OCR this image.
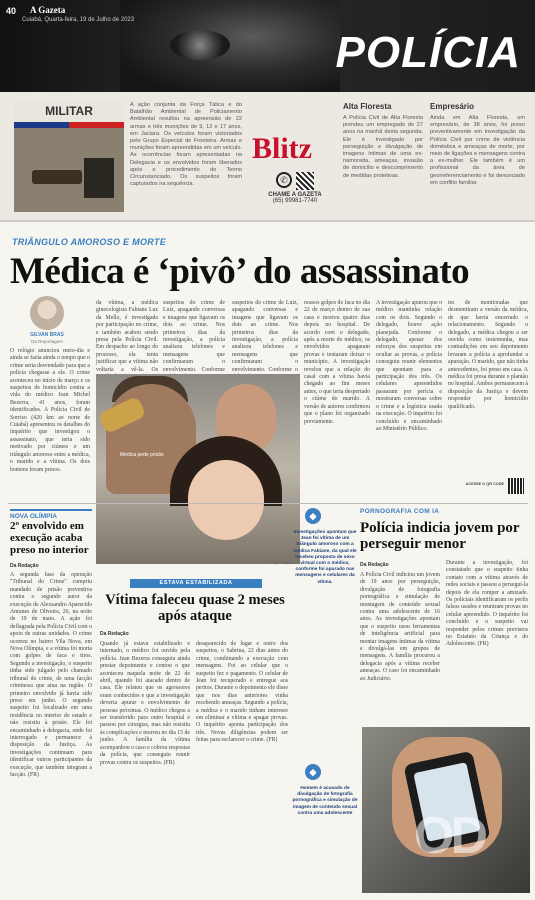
40 A Gazeta
Cuiabá, Quarta-feira, 19 de Julho de 2023
POLÍCIA
MILITAR	A ação conjunta da Força Tática e do Batalhão Ambiental de Policiamento Ambiental resultou na apreensão de 22 armas e três munições de 9, 12 e 17 anos, em Jaciara. Os veículos foram vistoriados pelo Grupo Especial de Fronteira. Armas e munições foram apreendidas em um veículo. As ocorrências foram apresentadas na Delegacia e os envolvidos foram liberados após o procedimento do Termo Circunstanciado. Os suspeitos foram capturados na sequência.
Blitz
✆
CHAME A GAZETA
(65) 99981-7740
Alta Floresta
A Polícia Civil de Alta Floresta prendeu um empregado de 27 anos na manhã desta segunda. Ele é investigado por perseguição e divulgação de imagens íntimas de uma ex-namorada, ameaças, invasão de domicílio e descumprimento de medidas protetivas.
Empresário
Ainda em Alta Floresta, um empresário, de 38 anos, foi preso preventivamente em investigação da Polícia Civil por crime de violência doméstica e ameaças de morte, por meio de ligações e mensagens contra a ex-mulher. Ele também é um profissional da área de georreferenciamento e foi denunciado em conflito familiar.
TRIÂNGULO AMOROSO E MORTE
Médica é ‘pivô’ do assassinato
GILVAN BRAS
Da Reportagem
O relógio anunciou meio-dia e ainda se fazia ainda o tempo que o crime seria desvendado para que a polícia chegasse a ele. O crime aconteceu no início de março e os suspeitos de homicídio contra a vida do médico Jean Michel Bezerra, 41 anos, foram identificados. A Polícia Civil de Sorriso (420 km ao norte de Cuiabá) apresentou os detalhes do inquérito que investigou o assassinato, que teria sido motivado por ciúmes e um triângulo amoroso entre a médica, o marido e a vítima. Os dois homens foram presos.
da vítima, a médica ginecologista Fabiane Luz da Mello, é investigada por participação no crime, e também acabou sendo presa pela Polícia Civil. Em despacho ao longo do processo, ela tenta justificar que a vítima não voltaria a vê-la. Os
suspeitos do crime de Luiz, apagando conversas e imagens que ligavam os dois ao crime. Nos primeiros dias da investigação, a polícia analisou telefones e mensagens que confirmaram o envolvimento. Conforme
suspeitos do crime de Luiz, apagando conversas e imagens que ligavam os dois ao crime. Nos primeiros dias da investigação, a polícia analisou telefones e mensagens que confirmaram o envolvimento. Conforme o
nossos golpes de faca no dia 22 de março dentro de sua casa e morreu quatro dias depois no hospital. De acordo com o delegado, após a morte do médico, os envolvidos apagaram provas e tentaram deixar o município. A investigação revelou que a relação do casal com a vítima havia chegado ao fim meses antes, o que teria despertado o ciúme do marido. A versão de autores confirmou que o plano foi organizado previamente.
A investigação apurou que o médico mantinha relação com os dois. Segundo o delegado, houve ação planejada. Conforme o delegado, apesar dos esforços dos suspeitos em ocultar as provas, a polícia conseguiu reunir elementos que apontam para a participação dos três. Os celulares apreendidos passaram por perícia e mostraram conversas sobre o crime e a logística usada na execução. O inquérito foi concluído e encaminhado ao Ministério Público.
tes de monitoradas que desmentiram a versão da médica, de que havia encerrado o relacionamento. Segundo o delegado, a médica chegou a ser ouvida como testemunha, mas contradições em seu depoimento levaram a polícia a aprofundar a apuração. O marido, que não tinha antecedentes, foi preso em casa. A médica foi presa durante o plantão no hospital. Ambos permanecem à disposição da Justiça e devem responder por homicídio qualificado.
ACESSE O QR CODE
Médica pede prisão
Reprodução
NOVA OLÍMPIA
2º envolvido em execução acaba preso no interior
Da Redação
A segunda fase da operação "Tribunal do Crime" cumpriu mandado de prisão preventiva contra o segundo autor da execução de Alexsandro Aparecido Antunes de Oliveira, 26, na noite de 19 de maio. A ação foi deflagrada pela Polícia Civil com o apoio de outras unidades. O crime ocorreu no bairro Vila Nova, em Nova Olímpia, e a vítima foi morta com golpes de faca e tiros. Segundo a investigação, o suspeito tinha sido julgado pelo chamado tribunal do crime, de uma facção criminosa que atua na região. O primeiro envolvido já havia sido preso em junho. O segundo suspeito foi localizado em uma residência no interior do estado e não resistiu à prisão. Ele foi encaminhado à delegacia, onde foi interrogado e permanece à disposição da Justiça. As investigações continuam para identificar outros participantes da execução, que também integram a facção. (FR)
ESTAVA ESTABILIZADA
Vítima faleceu quase 2 meses após ataque
Da Redação
Quando já estava estabilizado e internado, o médico foi ouvido pela polícia. Jean Bezerra conseguiu ainda prestar depoimento e contou o que aconteceu naquela noite de 22 de abril, quando foi atacado dentro de casa. Ele relatou que os agressores eram conhecidos e que a investigação deveria apurar o envolvimento de pessoas próximas. O médico chegou a ser transferido para outro hospital e passou por cirurgias, mas não resistiu às complicações e morreu no dia 15 de junho. A família da vítima acompanhou o caso e cobrou respostas da polícia, que conseguiu reunir provas contra os suspeitos. (FR)
desaparecido de lugar e outro dos suspeitos, o Sabrina, 22 dias antes do crime, combinando a execução com mensagens. Foi ao celular que o suspeito fez o pagamento. O celular de Jean foi recuperado e entregue aos peritos. Durante o depoimento ele disse que nos dias anteriores vinha recebendo ameaças. Segundo a polícia, a médica e o marido tinham interesse em eliminar a vítima e apagar provas. O inquérito aponta participação dos três. Novas diligências podem ser feitas para esclarecer o crime. (FR)
◆
Investigações apontam que Jean foi vítima de um triângulo amoroso com a médica Fabiane, da qual ele recebeu proposta de sexo virtual com o médico, conforme foi apurado nas mensagens e celulares da vítima.
◆
Homem é acusado de divulgação de fotografia pornográfica e simulação de imagem de conteúdo sexual contra uma adolescente
PORNOGRAFIA COM IA
Polícia indicia jovem por perseguir menor
Da Redação
A Polícia Civil indiciou um jovem de 19 anos por perseguição, divulgação de fotografia pornográfica e simulação de montagem de conteúdo sexual contra uma adolescente de 16 anos. As investigações apontam que o suspeito usou ferramentas de inteligência artificial para montar imagens íntimas da vítima e divulgá-las em grupos de mensagens. A família procurou a delegacia após a vítima receber ameaças. O caso foi encaminhado ao Judiciário.
Durante a investigação, foi constatado que o suspeito tinha contato com a vítima através de redes sociais e passou a persegui-la depois de ela romper a amizade. Os policiais identificaram os perfis falsos usados e reuniram provas no celular apreendido. O inquérito foi concluído e o suspeito vai responder pelos crimes previstos no Estatuto da Criança e do Adolescente. (FR)
OD
